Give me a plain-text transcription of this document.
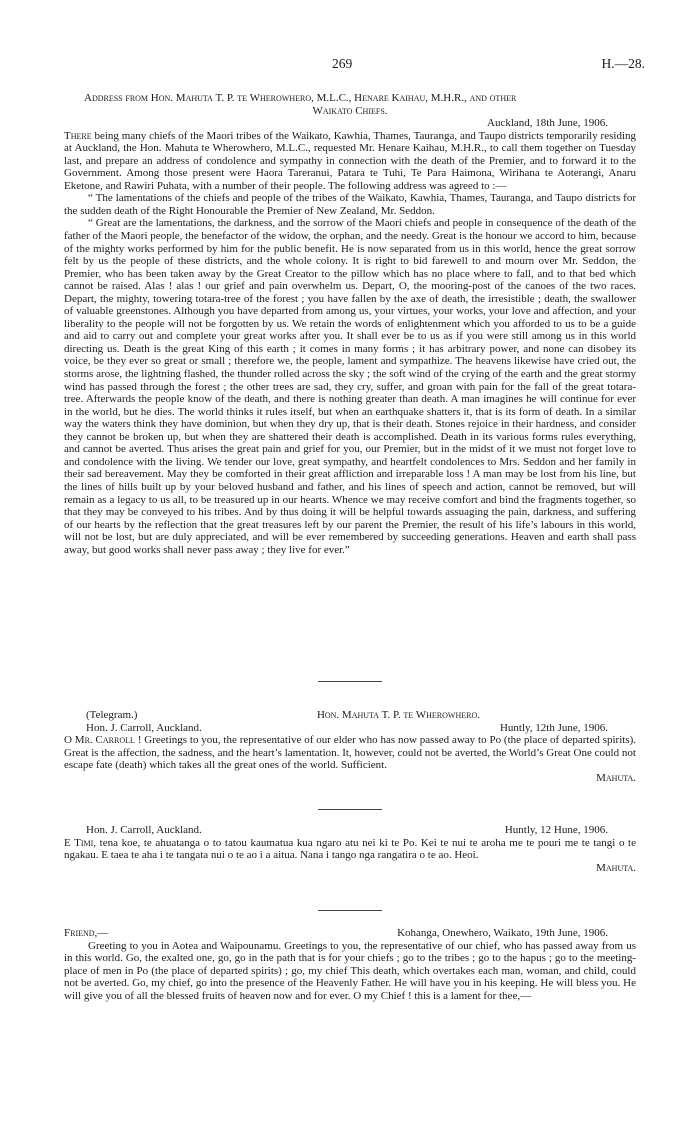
269	H.—28.

Address from Hon. Mahuta T. P. te Wherowhero, M.L.C., Henare Kaihau, M.H.R., and other

Waikato Chiefs.

Auckland, 18th June, 1906.

There being many chiefs of the Maori tribes of the Waikato, Kawhia, Thames, Tauranga, and Taupo districts temporarily residing at Auckland, the Hon. Mahuta te Wherowhero, M.L.C., requested Mr. Henare Kaihau, M.H.R., to call them together on Tuesday last, and prepare an address of condolence and sympathy in connection with the death of the Premier, and to forward it to the Government. Among those present were Haora Tareranui, Patara te Tuhi, Te Para Haimona, Wirihana te Aoterangi, Anaru Eketone, and Rawiri Puhata, with a number of their people. The following address was agreed to :—

“ The lamentations of the chiefs and people of the tribes of the Waikato, Kawhia, Thames, Tauranga, and Taupo districts for the sudden death of the Right Honourable the Premier of New Zealand, Mr. Seddon.

“ Great are the lamentations, the darkness, and the sorrow of the Maori chiefs and people in consequence of the death of the father of the Maori people, the benefactor of the widow, the orphan, and the needy. Great is the honour we accord to him, because of the mighty works performed by him for the public benefit. He is now separated from us in this world, hence the great sorrow felt by us the people of these districts, and the whole colony. It is right to bid farewell to and mourn over Mr. Seddon, the Premier, who has been taken away by the Great Creator to the pillow which has no place where to fall, and to that bed which cannot be raised. Alas ! alas ! our grief and pain overwhelm us. Depart, O, the mooring-post of the canoes of the two races. Depart, the mighty, towering totara-tree of the forest ; you have fallen by the axe of death, the irresistible ; death, the swallower of valuable greenstones. Although you have departed from among us, your virtues, your works, your love and affection, and your liberality to the people will not be forgotten by us. We retain the words of enlightenment which you afforded to us to be a guide and aid to carry out and complete your great works after you. It shall ever be to us as if you were still among us in this world directing us. Death is the great King of this earth ; it comes in many forms ; it has arbitrary power, and none can disobey its voice, be they ever so great or small ; therefore we, the people, lament and sympathize. The heavens likewise have cried out, the storms arose, the lightning flashed, the thunder rolled across the sky ; the soft wind of the crying of the earth and the great stormy wind has passed through the forest ; the other trees are sad, they cry, suffer, and groan with pain for the fall of the great totara-tree. Afterwards the people know of the death, and there is nothing greater than death. A man imagines he will continue for ever in the world, but he dies. The world thinks it rules itself, but when an earthquake shatters it, that is its form of death. In a similar way the waters think they have dominion, but when they dry up, that is their death. Stones rejoice in their hardness, and consider they cannot be broken up, but when they are shattered their death is accomplished. Death in its various forms rules everything, and cannot be averted. Thus arises the great pain and grief for you, our Premier, but in the midst of it we must not forget love to and condolence with the living. We tender our love, great sympathy, and heartfelt condolences to Mrs. Seddon and her family in their sad bereavement. May they be comforted in their great affliction and irreparable loss ! A man may be lost from his line, but the lines of hills built up by your beloved husband and father, and his lines of speech and action, cannot be removed, but will remain as a legacy to us all, to be treasured up in our hearts. Whence we may receive comfort and bind the fragments together, so that they may be conveyed to his tribes. And by thus doing it will be helpful towards assuaging the pain, darkness, and suffering of our hearts by the reflection that the great treasures left by our parent the Premier, the result of his life’s labours in this world, will not be lost, but are duly appreciated, and will be ever remembered by succeeding generations. Heaven and earth shall pass away, but good works shall never pass away ; they live for ever.”

(Telegram.)	Hon. Mahuta T. P. te Wherowhero.
Hon. J. Carroll, Auckland.	Huntly, 12th June, 1906.

O Mr. Carroll ! Greetings to you, the representative of our elder who has now passed away to Po (the place of departed spirits). Great is the affection, the sadness, and the heart’s lamentation. It, however, could not be averted, the World’s Great One could not escape fate (death) which takes all the great ones of the world. Sufficient.

Mahuta.

Hon. J. Carroll, Auckland.	Huntly, 12 Hune, 1906.

E Timi, tena koe, te ahuatanga o to tatou kaumatua kua ngaro atu nei ki te Po. Kei te nui te aroha me te pouri me te tangi o te ngakau. E taea te aha i te tangata nui o te ao i a aitua. Nana i tango nga rangatira o te ao. Heoi.

Mahuta.

Friend,—	Kohanga, Onewhero, Waikato, 19th June, 1906.

Greeting to you in Aotea and Waipounamu. Greetings to you, the representative of our chief, who has passed away from us in this world. Go, the exalted one, go, go in the path that is for your chiefs ; go to the tribes ; go to the hapus ; go to the meeting-place of men in Po (the place of departed spirits) ; go, my chief This death, which overtakes each man, woman, and child, could not be averted. Go, my chief, go into the presence of the Heavenly Father. He will have you in his keeping. He will bless you. He will give you of all the blessed fruits of heaven now and for ever. O my Chief ! this is a lament for thee,—
